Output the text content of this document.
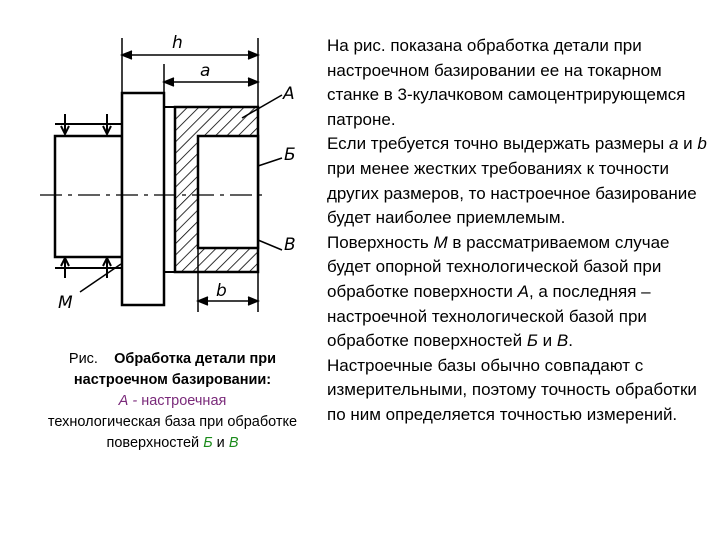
h
a
b
А
Б
В
М
Рис. Обработка детали при настроечном базировании:
А - настроечная
технологическая база при обработке поверхностей Б и В

На рис. показана обработка детали при настроечном базировании ее на токарном станке в 3-кулачковом самоцентрирующемся патроне.

Если требуется точно выдержать размеры а и b при менее жестких требованиях к точности других размеров, то настроечное базирование будет наиболее приемлемым.

Поверхность М в рассматриваемом случае будет опорной технологической базой при обработке поверхности А, а последняя – настроечной технологической базой при обработке поверхностей Б и В.

Настроечные базы обычно совпадают с измерительными, поэтому точность обработки по ним определяется точностью измерений.
